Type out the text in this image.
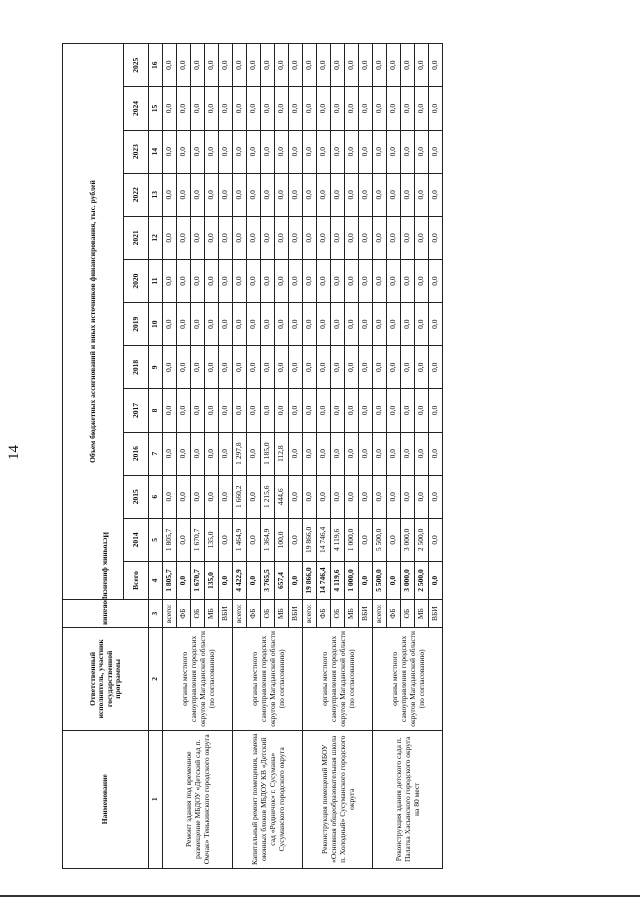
14
Наименование	Ответственный исполнитель, участник государственной программы	Источник финансирования	Объем бюджетных ассигнований и иных источников финансирования, тыс. рублей												
			Всего	2014	2015	2016	2017	2018	2019	2020	2021	2022	2023	2024	2025
1	2	3	4	5	6	7	8	9	10	11	12	13	14	15	16
Ремонт здания под временное размещение МБДОУ «Детский сад п. Омчак» Тенькинского городского округа	органы местного самоуправления городских округов Магаданской области (по согласованию)	всего:	1 805,7	1 805,7	0,0	0,0	0,0	0,0	0,0	0,0	0,0	0,0	0,0	0,0	0,0
		ФБ	0,0	0,0	0,0	0,0	0,0	0,0	0,0	0,0	0,0	0,0	0,0	0,0	0,0
		ОБ	1 670,7	1 670,7	0,0	0,0	0,0	0,0	0,0	0,0	0,0	0,0	0,0	0,0	0,0
		МБ	135,0	135,0	0,0	0,0	0,0	0,0	0,0	0,0	0,0	0,0	0,0	0,0	0,0
		ВБИ	0,0	0,0	0,0	0,0	0,0	0,0	0,0	0,0	0,0	0,0	0,0	0,0	0,0
Капитальный ремонт помещения, замена оконных блоков МБДОУ КВ «Детский сад «Родничок» г. Сусумана» Сусуманского городского округа	органы местного самоуправления городских округов Магаданской области (по согласованию)	всего:	4 422,9	1 464,9	1 660,2	1 297,8	0,0	0,0	0,0	0,0	0,0	0,0	0,0	0,0	0,0
		ФБ	0,0	0,0	0,0	0,0	0,0	0,0	0,0	0,0	0,0	0,0	0,0	0,0	0,0
		ОБ	3 765,5	1 364,9	1 215,6	1 185,0	0,0	0,0	0,0	0,0	0,0	0,0	0,0	0,0	0,0
		МБ	657,4	100,0	444,6	112,8	0,0	0,0	0,0	0,0	0,0	0,0	0,0	0,0	0,0
		ВБИ	0,0	0,0	0,0	0,0	0,0	0,0	0,0	0,0	0,0	0,0	0,0	0,0	0,0
Реконструкция помещений МБОУ «Основная общеобразовательная школа п. Холодный» Сусуманского городского округа	органы местного самоуправления городских округов Магаданской области (по согласованию)	всего:	19 866,0	19 866,0	0,0	0,0	0,0	0,0	0,0	0,0	0,0	0,0	0,0	0,0	0,0
		ФБ	14 746,4	14 746,4	0,0	0,0	0,0	0,0	0,0	0,0	0,0	0,0	0,0	0,0	0,0
		ОБ	4 119,6	4 119,6	0,0	0,0	0,0	0,0	0,0	0,0	0,0	0,0	0,0	0,0	0,0
		МБ	1 000,0	1 000,0	0,0	0,0	0,0	0,0	0,0	0,0	0,0	0,0	0,0	0,0	0,0
		ВБИ	0,0	0,0	0,0	0,0	0,0	0,0	0,0	0,0	0,0	0,0	0,0	0,0	0,0
Реконструкция здания детского сада п. Палатка Хасынского городского округа на 80 мест	органы местного самоуправления городских округов Магаданской области (по согласованию)	всего:	5 500,0	5 500,0	0,0	0,0	0,0	0,0	0,0	0,0	0,0	0,0	0,0	0,0	0,0
		ФБ	0,0	0,0	0,0	0,0	0,0	0,0	0,0	0,0	0,0	0,0	0,0	0,0	0,0
		ОБ	3 000,0	3 000,0	0,0	0,0	0,0	0,0	0,0	0,0	0,0	0,0	0,0	0,0	0,0
		МБ	2 500,0	2 500,0	0,0	0,0	0,0	0,0	0,0	0,0	0,0	0,0	0,0	0,0	0,0
		ВБИ	0,0	0,0	0,0	0,0	0,0	0,0	0,0	0,0	0,0	0,0	0,0	0,0	0,0
